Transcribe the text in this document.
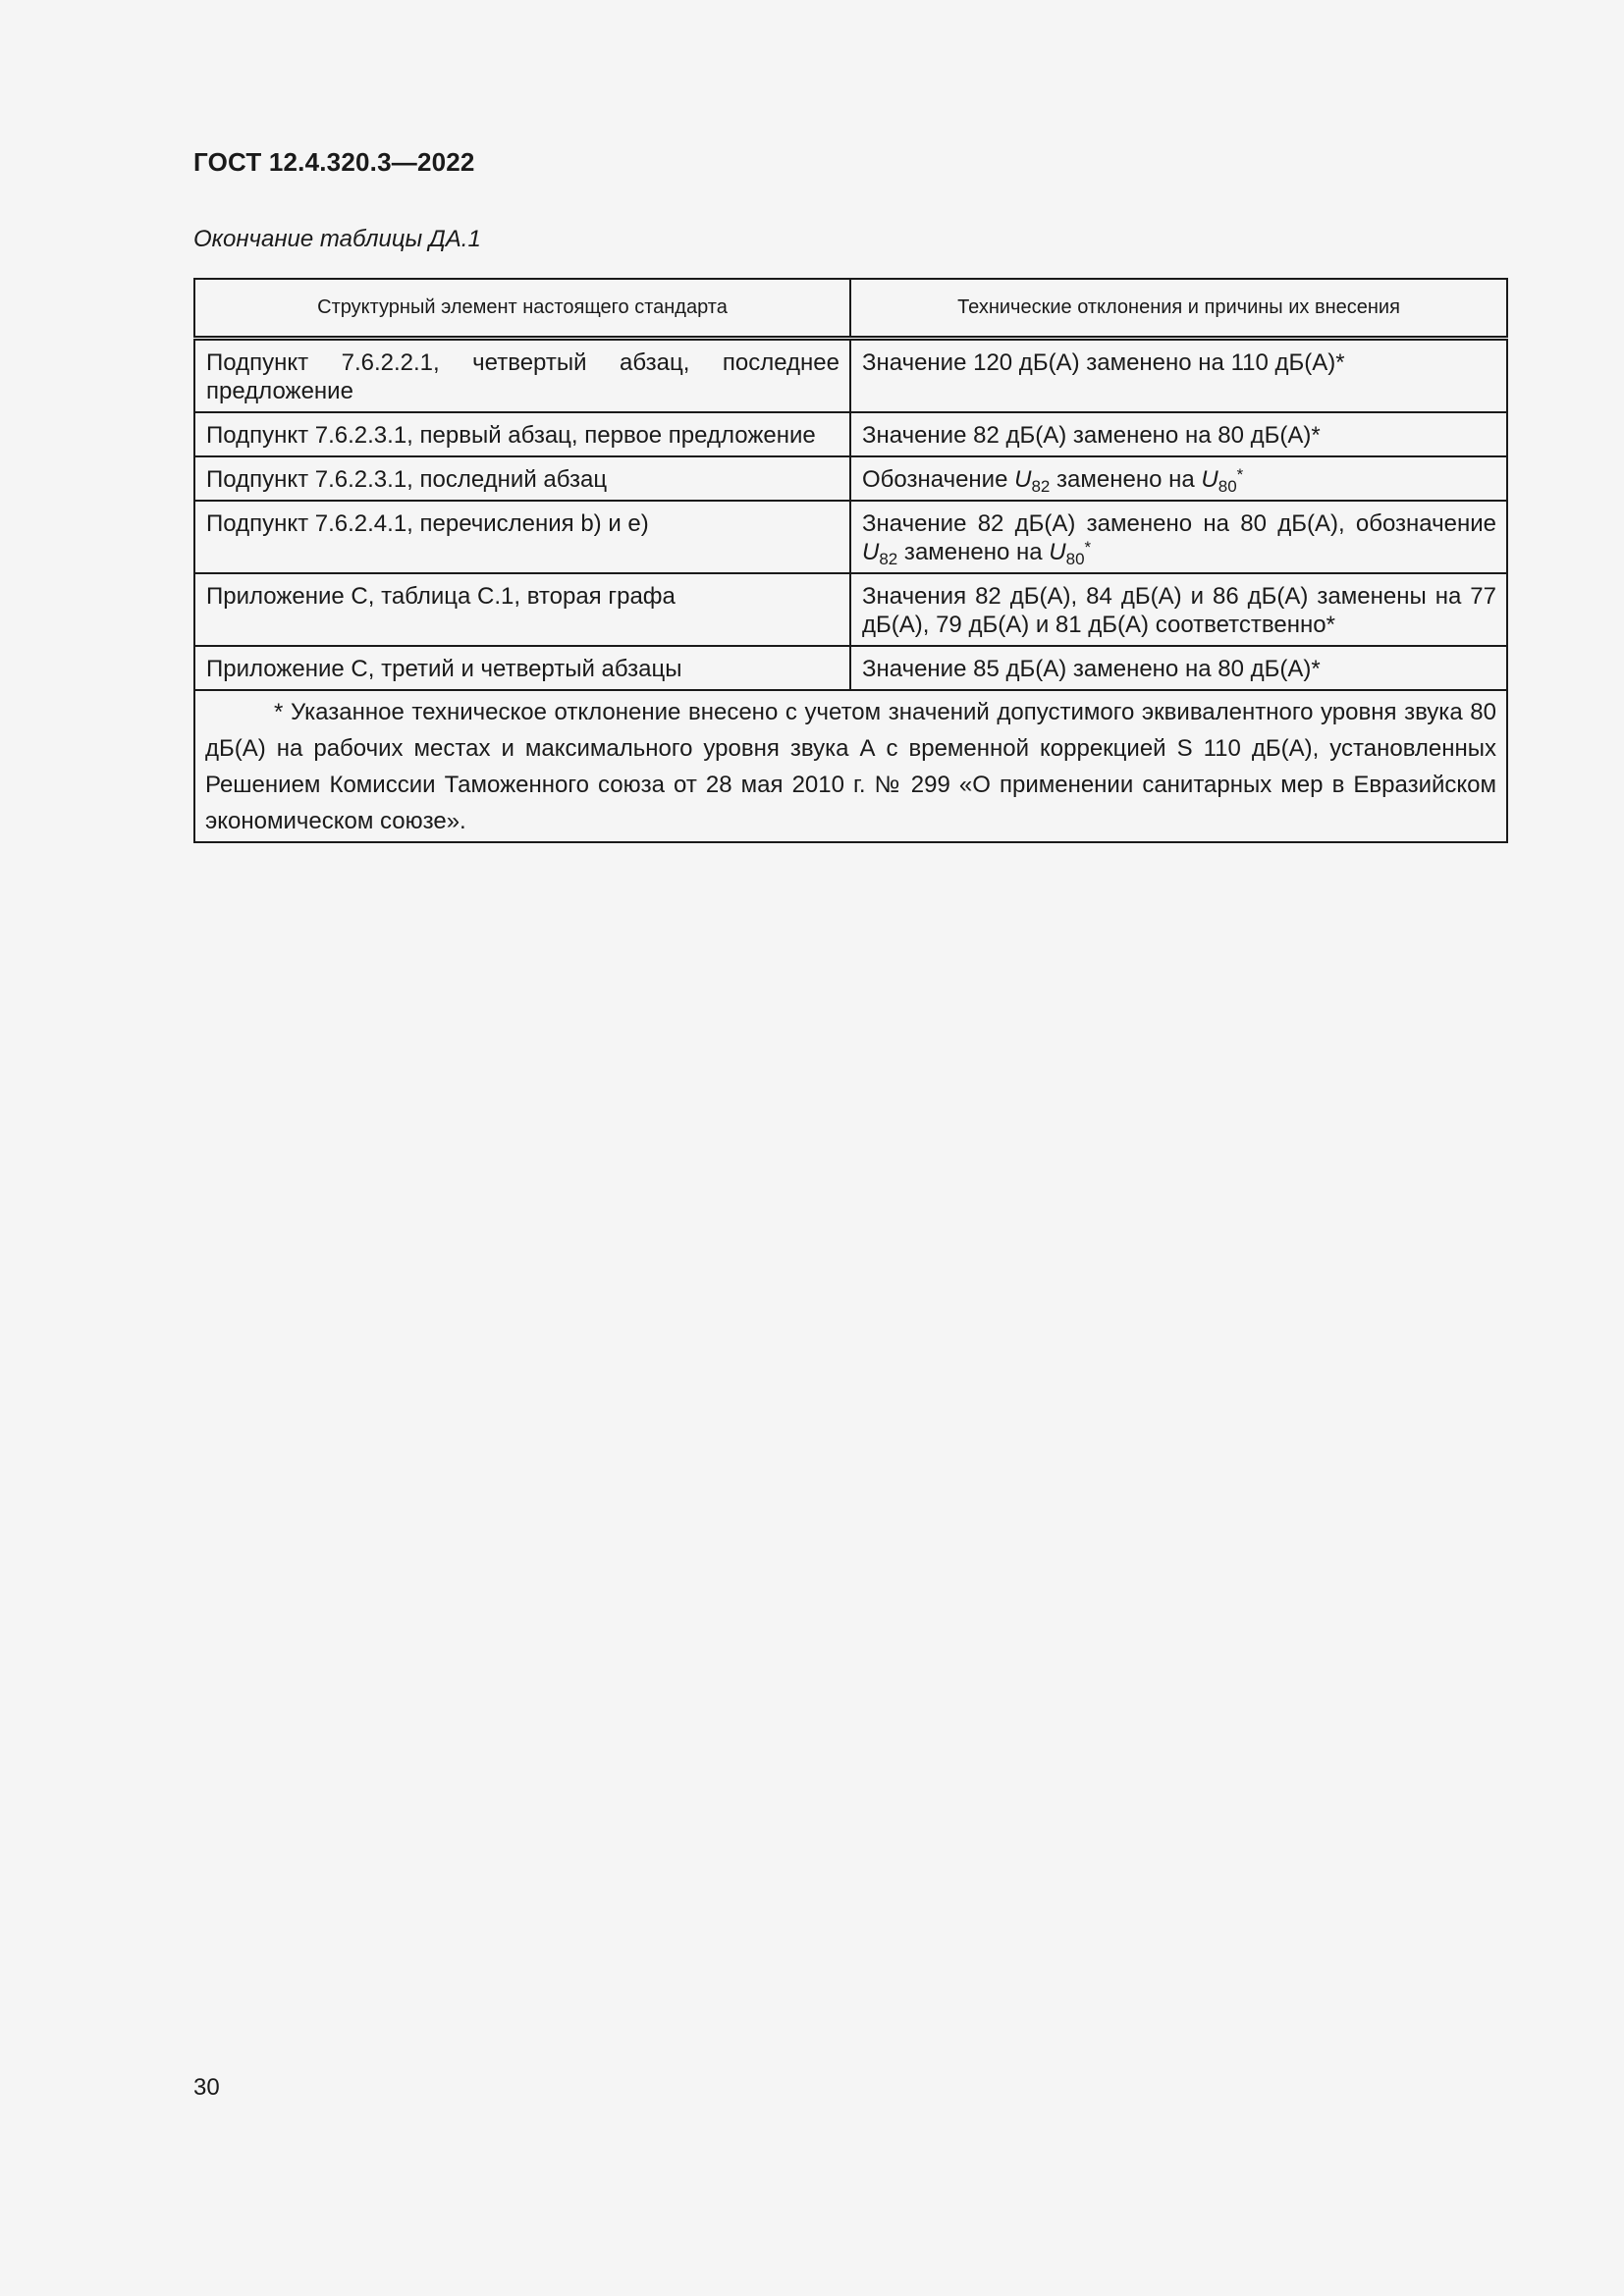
ГОСТ 12.4.320.3—2022
Окончание таблицы ДА.1
Структурный элемент настоящего стандарта	Технические отклонения и причины их внесения
Подпункт 7.6.2.2.1, четвертый абзац, последнее предложение	Значение 120 дБ(A) заменено на 110 дБ(A)*
Подпункт 7.6.2.3.1, первый абзац, первое предложение	Значение 82 дБ(A) заменено на 80 дБ(A)*
Подпункт 7.6.2.3.1, последний абзац	Обозначение $U_{82}$ заменено на $U_{80}^*$
Подпункт 7.6.2.4.1, перечисления b) и е)	Значение 82 дБ(A) заменено на 80 дБ(A), обозначение $U_{82}$ заменено на $U_{80}^*$
Приложение С, таблица С.1, вторая графа	Значения 82 дБ(A), 84 дБ(A) и 86 дБ(A) заменены на 77 дБ(A), 79 дБ(A) и 81 дБ(A) соответственно*
Приложение С, третий и четвертый абзацы	Значение 85 дБ(A) заменено на 80 дБ(A)*
* Указанное техническое отклонение внесено с учетом значений допустимого эквивалентного уровня звука 80 дБ(A) на рабочих местах и максимального уровня звука А с временной коррекцией S 110 дБ(A), установленных Решением Комиссии Таможенного союза от 28 мая 2010 г. № 299 «О применении санитарных мер в Евразийском экономическом союзе».	
30
